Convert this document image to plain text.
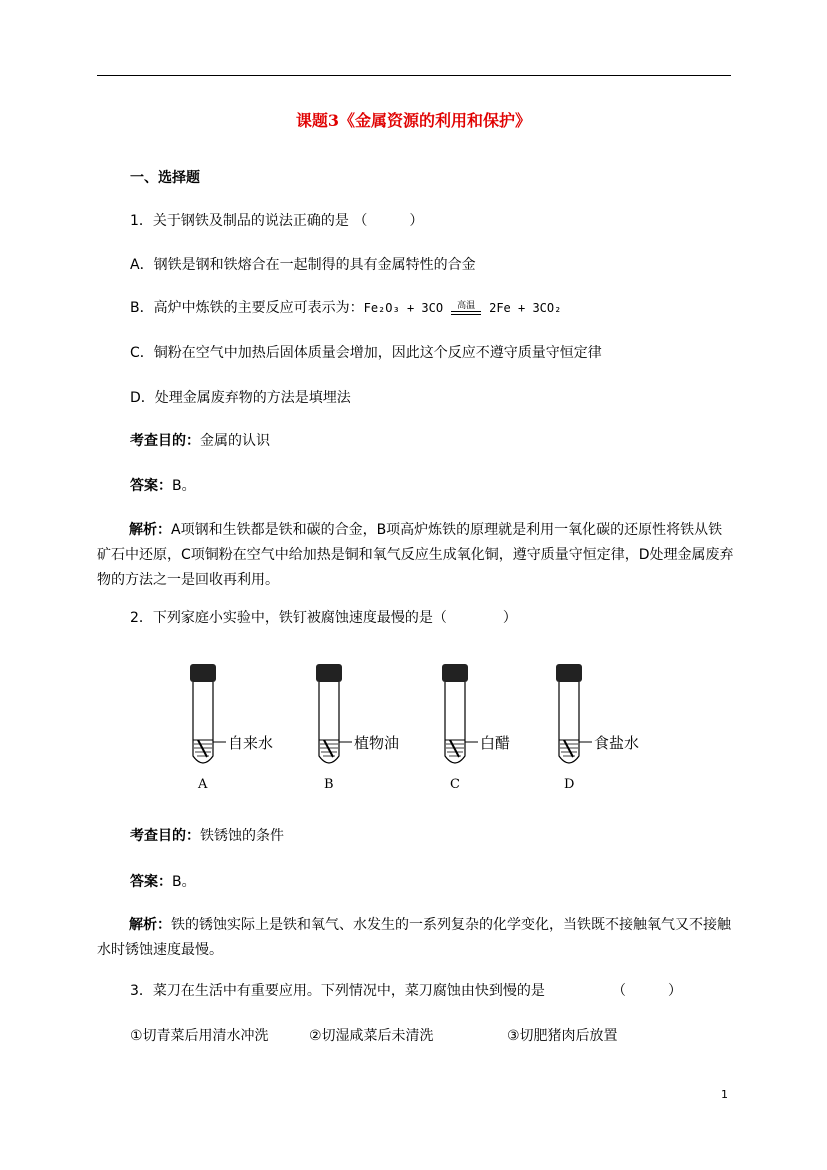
课题3《金属资源的利用和保护》
一、选择题
1．关于钢铁及制品的说法正确的是 （　　　）
A．钢铁是钢和铁熔合在一起制得的具有金属特性的合金
B．高炉中炼铁的主要反应可表示为：Fe₂O₃ + 3CO	高温	2Fe + 3CO₂
C．铜粉在空气中加热后固体质量会增加，因此这个反应不遵守质量守恒定律
D．处理金属废弃物的方法是填埋法
考查目的：金属的认识
答案：B。
解析：A项钢和生铁都是铁和碳的合金，B项高炉炼铁的原理就是利用一氧化碳的还原性将铁从铁矿石中还原，C项铜粉在空气中给加热是铜和氧气反应生成氧化铜，遵守质量守恒定律，D处理金属废弃物的方法之一是回收再利用。
2．下列家庭小实验中，铁钉被腐蚀速度最慢的是（　　　　）
自来水
A
植物油
B
白醋
C
食盐水
D
考查目的：铁锈蚀的条件
答案：B。
解析：铁的锈蚀实际上是铁和氧气、水发生的一系列复杂的化学变化，当铁既不接触氧气又不接触水时锈蚀速度最慢。
3．菜刀在生活中有重要应用。下列情况中，菜刀腐蚀由快到慢的是	（　　　）
①切青菜后用清水冲洗	②切湿咸菜后未清洗	③切肥猪肉后放置
1
